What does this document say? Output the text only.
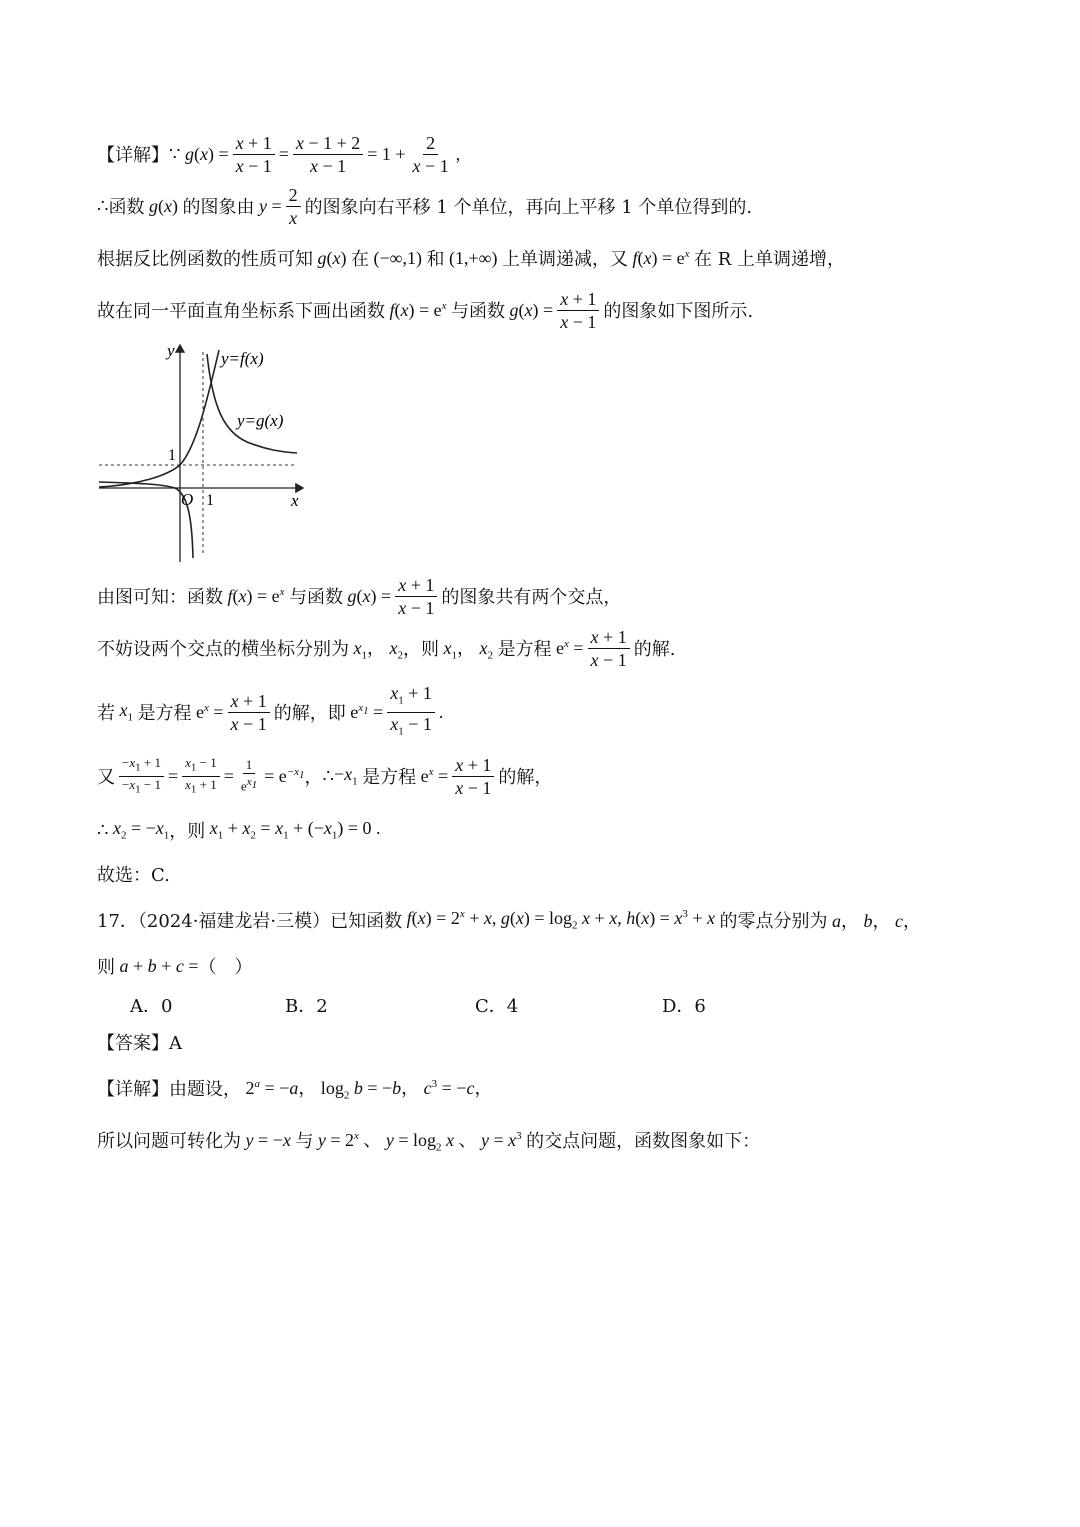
【详解】 ∵ $g(x) = \frac{x + 1}{x - 1} = \frac{x - 1 + 2}{x - 1} = 1 + \frac{2}{x - 1}$ ,
∴ 函数 g(x) 的图象由 $y = \frac{2}{x}$ 的图象向右平移 1 个单位，再向上平移 1 个单位得到的.
根据反比例函数的性质可知 g(x) 在 (−∞,1) 和 (1,+∞) 上单调递减，又 $f(x) = e^x$ 在 R 上单调递增，
故在同一平面直角坐标系下画出函数 $f(x) = e^x$ 与函数 $g(x) = \frac{x + 1}{x - 1}$ 的图象如下图所示.
y=f(x)
y=g(x)
y
x
O
1
1
由图可知：函数 $f(x) = e^x$ 与函数 $g(x) = \frac{x + 1}{x - 1}$ 的图象共有两个交点，
不妨设两个交点的横坐标分别为 $x_1$， $x_2$ ，则 $x_1$， $x_2$ 是方程 $e^x = \frac{x + 1}{x - 1}$ 的解.
若 $x_1$ 是方程 $e^x = \frac{x + 1}{x - 1}$ 的解，即 $e^{x_1} = \frac{x_1 + 1}{x_1 - 1}$ .
又 $\frac{-x_1 + 1}{-x_1 - 1} = \frac{x_1 - 1}{x_1 + 1} = \frac{1}{e^{x_1}} = e^{-x_1}$ ， ∴ $-x_1$ 是方程 $e^x = \frac{x + 1}{x - 1}$ 的解，
∴ $x_2 = -x_1$ ，则 $x_1 + x_2 = x_1 + (-x_1) = 0$ .
故选：C.
17．（2024·福建龙岩·三模）已知函数 $f(x) = 2^x + x$, $g(x) = \log_2 x + x$, $h(x) = x^3 + x$ 的零点分别为 a， b， c，
则 a + b + c = （　）
A．0	B．2	C．4	D．6
【答案】A
【详解】 由题设， $2^a = -a$， $\log_2 b = -b$， $c^3 = -c$，
所以问题可转化为 y = −x 与 $y = 2^x$ 、 $y = \log_2 x$ 、 $y = x^3$ 的交点问题，函数图象如下：
